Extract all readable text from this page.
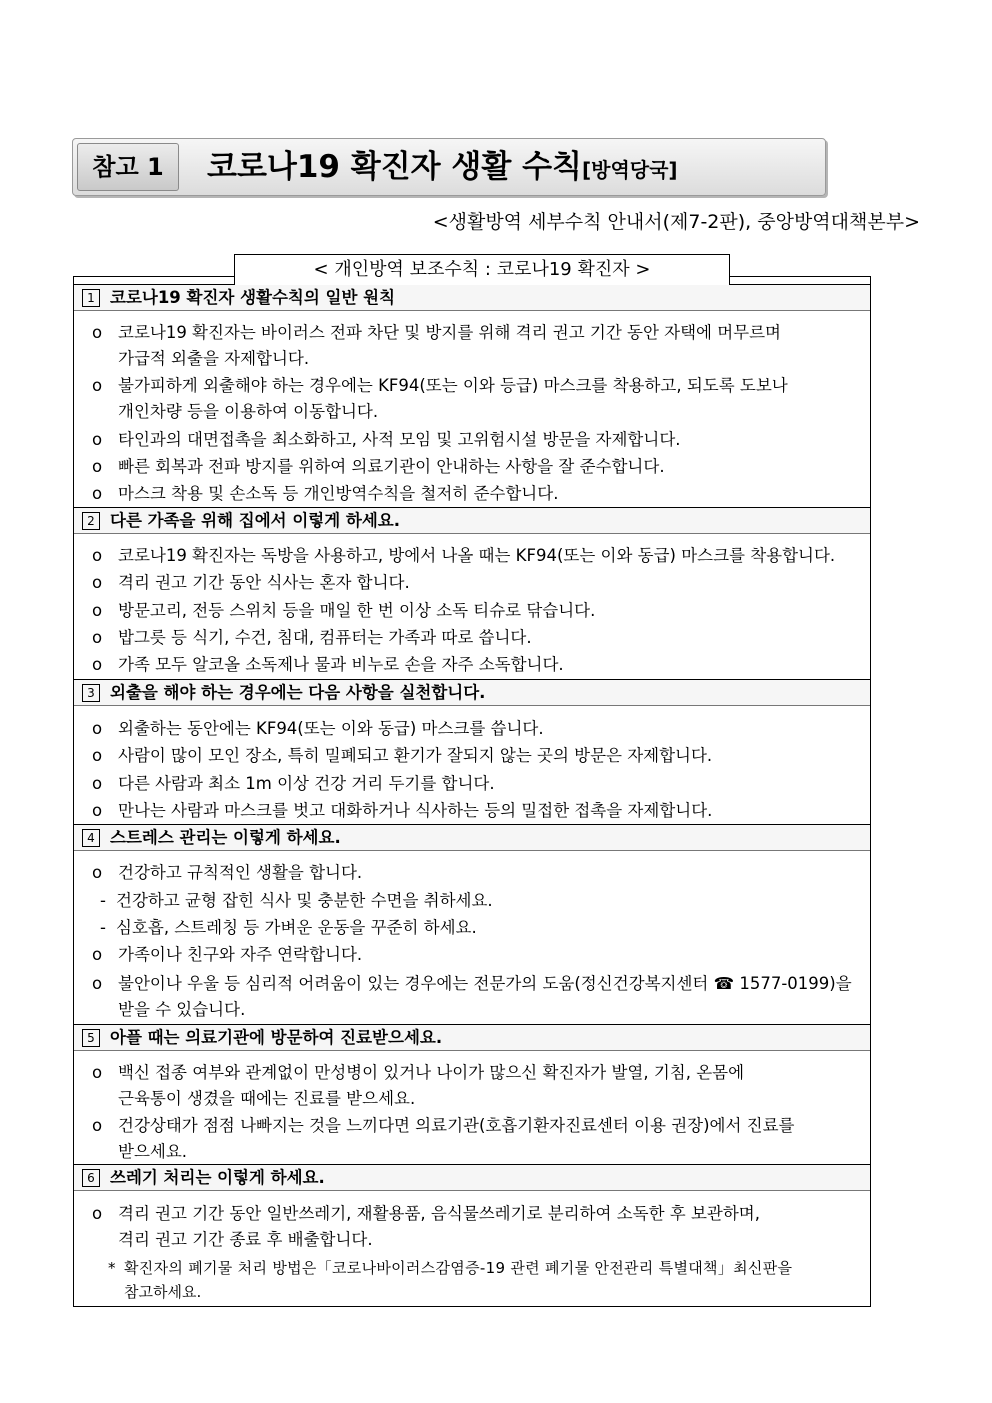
참고 1	코로나19 확진자 생활 수칙[방역당국]
<생활방역 세부수칙 안내서(제7-2판), 중앙방역대책본부>
< 개인방역 보조수칙 : 코로나19 확진자 >
1 코로나19 확진자 생활수칙의 일반 원칙
o 코로나19 확진자는 바이러스 전파 차단 및 방지를 위해 격리 권고 기간 동안 자택에 머무르며
가급적 외출을 자제합니다.
o 불가피하게 외출해야 하는 경우에는 KF94(또는 이와 등급) 마스크를 착용하고, 되도록 도보나
개인차량 등을 이용하여 이동합니다.
o 타인과의 대면접촉을 최소화하고, 사적 모임 및 고위험시설 방문을 자제합니다.
o 빠른 회복과 전파 방지를 위하여 의료기관이 안내하는 사항을 잘 준수합니다.
o 마스크 착용 및 손소독 등 개인방역수칙을 철저히 준수합니다.
2 다른 가족을 위해 집에서 이렇게 하세요.
o 코로나19 확진자는 독방을 사용하고, 방에서 나올 때는 KF94(또는 이와 동급) 마스크를 착용합니다.
o 격리 권고 기간 동안 식사는 혼자 합니다.
o 방문고리, 전등 스위치 등을 매일 한 번 이상 소독 티슈로 닦습니다.
o 밥그릇 등 식기, 수건, 침대, 컴퓨터는 가족과 따로 씁니다.
o 가족 모두 알코올 소독제나 물과 비누로 손을 자주 소독합니다.
3 외출을 해야 하는 경우에는 다음 사항을 실천합니다.
o 외출하는 동안에는 KF94(또는 이와 동급) 마스크를 씁니다.
o 사람이 많이 모인 장소, 특히 밀폐되고 환기가 잘되지 않는 곳의 방문은 자제합니다.
o 다른 사람과 최소 1m 이상 건강 거리 두기를 합니다.
o 만나는 사람과 마스크를 벗고 대화하거나 식사하는 등의 밀접한 접촉을 자제합니다.
4 스트레스 관리는 이렇게 하세요.
o 건강하고 규칙적인 생활을 합니다.
- 건강하고 균형 잡힌 식사 및 충분한 수면을 취하세요.
- 심호흡, 스트레칭 등 가벼운 운동을 꾸준히 하세요.
o 가족이나 친구와 자주 연락합니다.
o 불안이나 우울 등 심리적 어려움이 있는 경우에는 전문가의 도움(정신건강복지센터 ☎ 1577-0199)을
받을 수 있습니다.
5 아플 때는 의료기관에 방문하여 진료받으세요.
o 백신 접종 여부와 관계없이 만성병이 있거나 나이가 많으신 확진자가 발열, 기침, 온몸에
근육통이 생겼을 때에는 진료를 받으세요.
o 건강상태가 점점 나빠지는 것을 느끼다면 의료기관(호흡기환자진료센터 이용 권장)에서 진료를
받으세요.
6 쓰레기 처리는 이렇게 하세요.
o 격리 권고 기간 동안 일반쓰레기, 재활용품, 음식물쓰레기로 분리하여 소독한 후 보관하며,
격리 권고 기간 종료 후 배출합니다.
* 확진자의 폐기물 처리 방법은「코로나바이러스감염증-19 관련 폐기물 안전관리 특별대책」최신판을
참고하세요.
